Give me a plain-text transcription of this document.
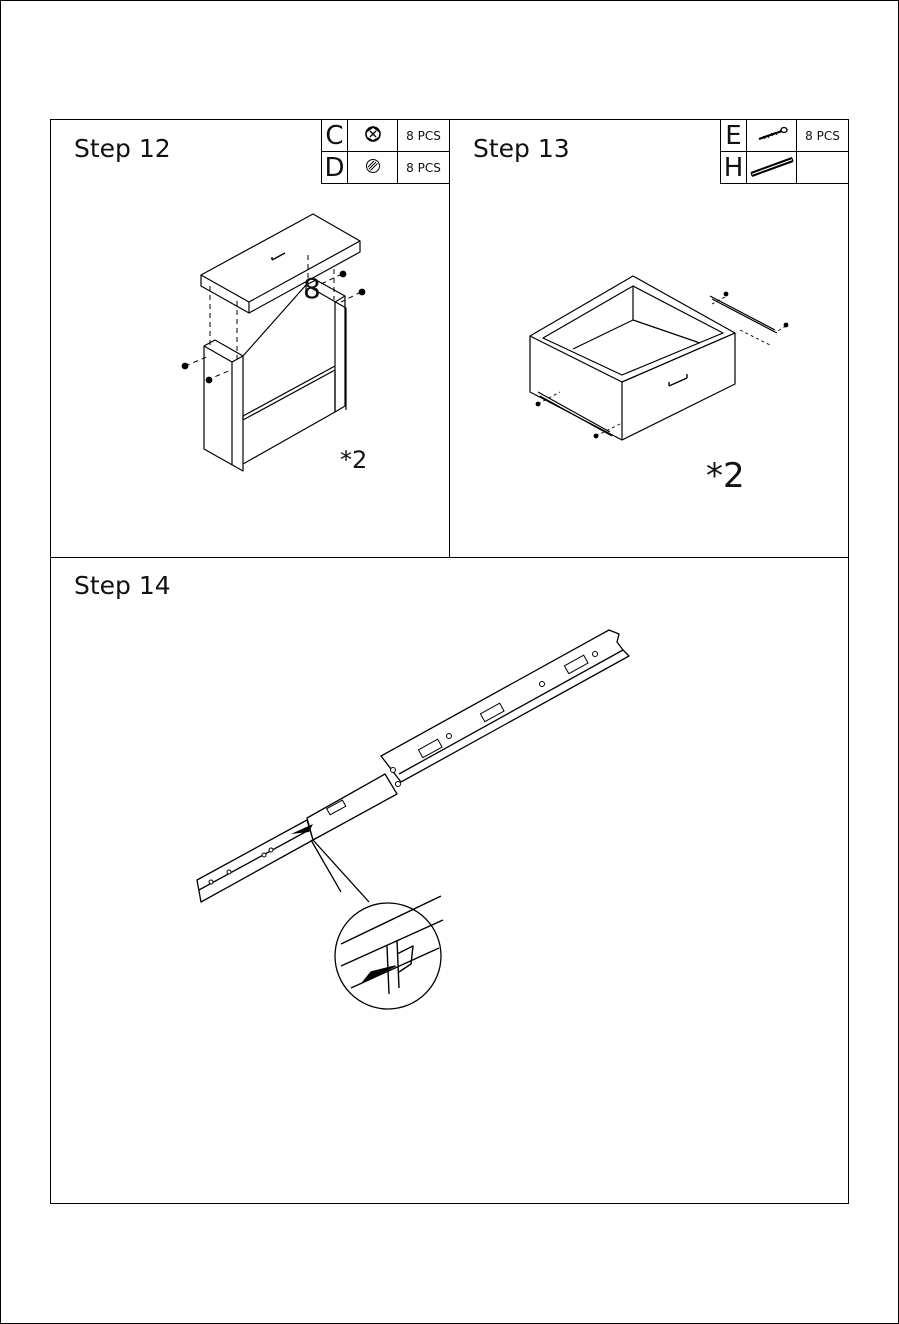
Step 12	C		8 PCS
D		8 PCS
8
*2
Step 13	E		8 PCS
H		
*2
Step 14
